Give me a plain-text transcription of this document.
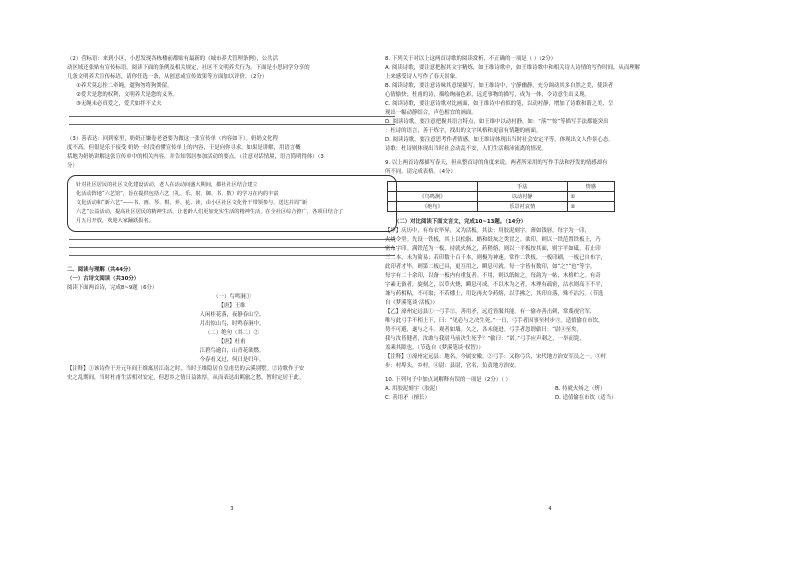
（2）营标语：来到小区，小思发现各栋楼前都贴有最新的《城市养犬管理条例》，公共活
动区域还张贴有宣传标语。阅读下面的条例及相关规定，社区不文明养犬行为。下面是小思同学分享的
几条文明养犬宣传标语，请你任选一条，从创意或宣传效果等方面加以评价。（2分）
①养犬莫忘拴二牵绳，遛狗勿将狗粪留。
②爱犬是您的权利，文明养犬是您的义务。
③无绳未必真爱之，爱犬如拌不丈夫
（3）善表达：回到家里，奶奶正嫌卷老爸要为做这一张宣传单（内容如下）。奶奶文化程
度不高，但很是乐于接受 奶奶一时没看懂宣传单上的内容，于是向你寻求。如果是讲解，用语言概
括地为奶奶讲解这张宣传单中的相关内容，并告知邻居参加活动的要点。（注意对话情境，语言简明得体）（3
分）
针对社区居民的社区文化建设活动，老人在活动间盛大期间，都社社区结合建立
化活动阵地“六艺馆”，旨在提供包括六艺（礼、乐、射、御、书、数）的学习在内的丰富
文化活动和“新六艺”——书、画、琴、棋、养、花、读，由小区社区文化骨干带领参与，送达并周“新
六艺”公益活动，提高社区居民的精神生活、让老龄人们更加充实生活的精神生活，在全社区综合推广，各项目结合了
月五月开放，欢迎大家踊跃报名。
二、阅读与理解（共44分）
（一）古诗文阅读（共30分）
阅读下面两首诗，完成8~9题（6分）
（一）鸟鸣涧①
【唐】王维
人闲桂花落，夜静春山空。
月出惊山鸟，时鸣春涧中。
（二）绝句（其二）②
【唐】杜甫
江碧鸟逾白，山青花欲燃。
今春看又过，何日是归年。
【注释】①该诗作于开元年间王维寓居江南之时，当时王维隐居在皇甫岳的云溪别墅。②诗歌作于安
史之乱期间，当时杜甫生活相对安定，但思乡之情日益浓厚，从而表达出羁旅之愁，暂时定居于此。
3
8. 下列关于对以上这两首诗歌的阅读赏析，不正确的一项是（ ）（2分）
A. 阅读诗歌，要注意把握其文字精炼，如王维诗歌中，如王维诗歌中和相关诗人诗情的写作时间，从而理解
上来感受诗人写作了春天景象。
B. 阅读诗歌，要注意诗味其意境描写。如王维诗中，宁静幽静，充分调动其多自然之美，使读者
心情愉快；杜甫的诗，描绘绚丽色彩，远近事物的描写，成为一体，令诗意生出义现。
C. 阅读诗歌，要注意诗歌对比画面，如王维诗中看似的笔，以动衬静，增加了诗歌和谐之美，呈
现出一幅动静结合，声色相宜的画面。
D. 阅读诗歌，要注意把握其语言特点，如王维中以动衬静，如：“落”“惊”等描写手法都能突出
：杜诗的语言，善于炼字，找出的文字风格和更富有情趣的画面。
D. 阅读诗歌，要注意思考作者情感，如王维诗体现出当时社会安定平等，体现出文人作景心态。
诗歌：杜诗则体现出当时社会动乱不安，人们生活颠沛流离的情况。
9. 以上两首诗都描写春天，但从整首诗的角度来说，两者所采用的写作手法和抒发的情感却有
所不同，请完成表格。（4分）
	手法	情感
《鸟鸣涧》	以动衬静	①
《绝句》	乐景衬哀情	②
（二）对比阅读下面文言文，完成10~13题。（14分）
【甲】庆历中，有布衣毕昇，又为活板。其法：用胶泥刻字，薄如钱唇，每字为一印，
火烧令坚。先设一铁板，其上以松脂、蜡和纸灰之类冒之。欲印，则以一铁范置铁板上，乃
密布字印。满铁范为一板，持就火炀之，药稍熔，则以一平板按其面，则字平如砥。若止印
三二本，未为简易；若印数十百千本，则极为神速。常作二铁板，一板印刷，一板已自布字，
此印者才毕，则第二板已具，更互用之，瞬息可就。每一字皆有数印，如“之”“也”等字，
每字有二十余印，以备一板内有重复者。不用，则以纸帖之，每韵为一帖，木格贮之。有奇
字素无备者，旋刻之，以草火烧，瞬息可成。不以木为之者，木理有疏密，沾水则高下不平，
兼与药相粘，不可取；不若燔土，用讫再火令药熔，以手拂之，其印自落，殊不沾污。（节选
自《梦溪笔谈·活板》）
【乙】濠州定远县①一弓手②，善用矛，远近皆服其能。有一偷亦善击刺，常蔑视官军，
唯与此弓手不相上下，曰：“见必与之决生死。”一日，弓手者因事至村步③，适值偷在市饮，
势不可避，遂与之斗。观者如墙。久之，各未能进。弓手者忽谓偷曰：“尉④至矣，
我与汝皆健者，汝敢与我尉马前决生死乎？”偷曰：“诺。”弓手应声刺之，一举而毙，
盖乘其隙也。（节选自《梦溪笔谈·权智》）
【注释】①濠州定远县：地名，今属安徽。②弓手：又称弓兵，宋代地方治安军员之一。③村
步：村埠头，乡村。④尉：县尉，官名，负责地方治安。
10. 下列句子中加点词解释有误的一项是（2分）（ ）
A. 用胶泥刻字（胶泥）	B. 持就火炀之（烤）
C. 善用矛（擅长）	D. 适值偷在市饮（适当）
4
